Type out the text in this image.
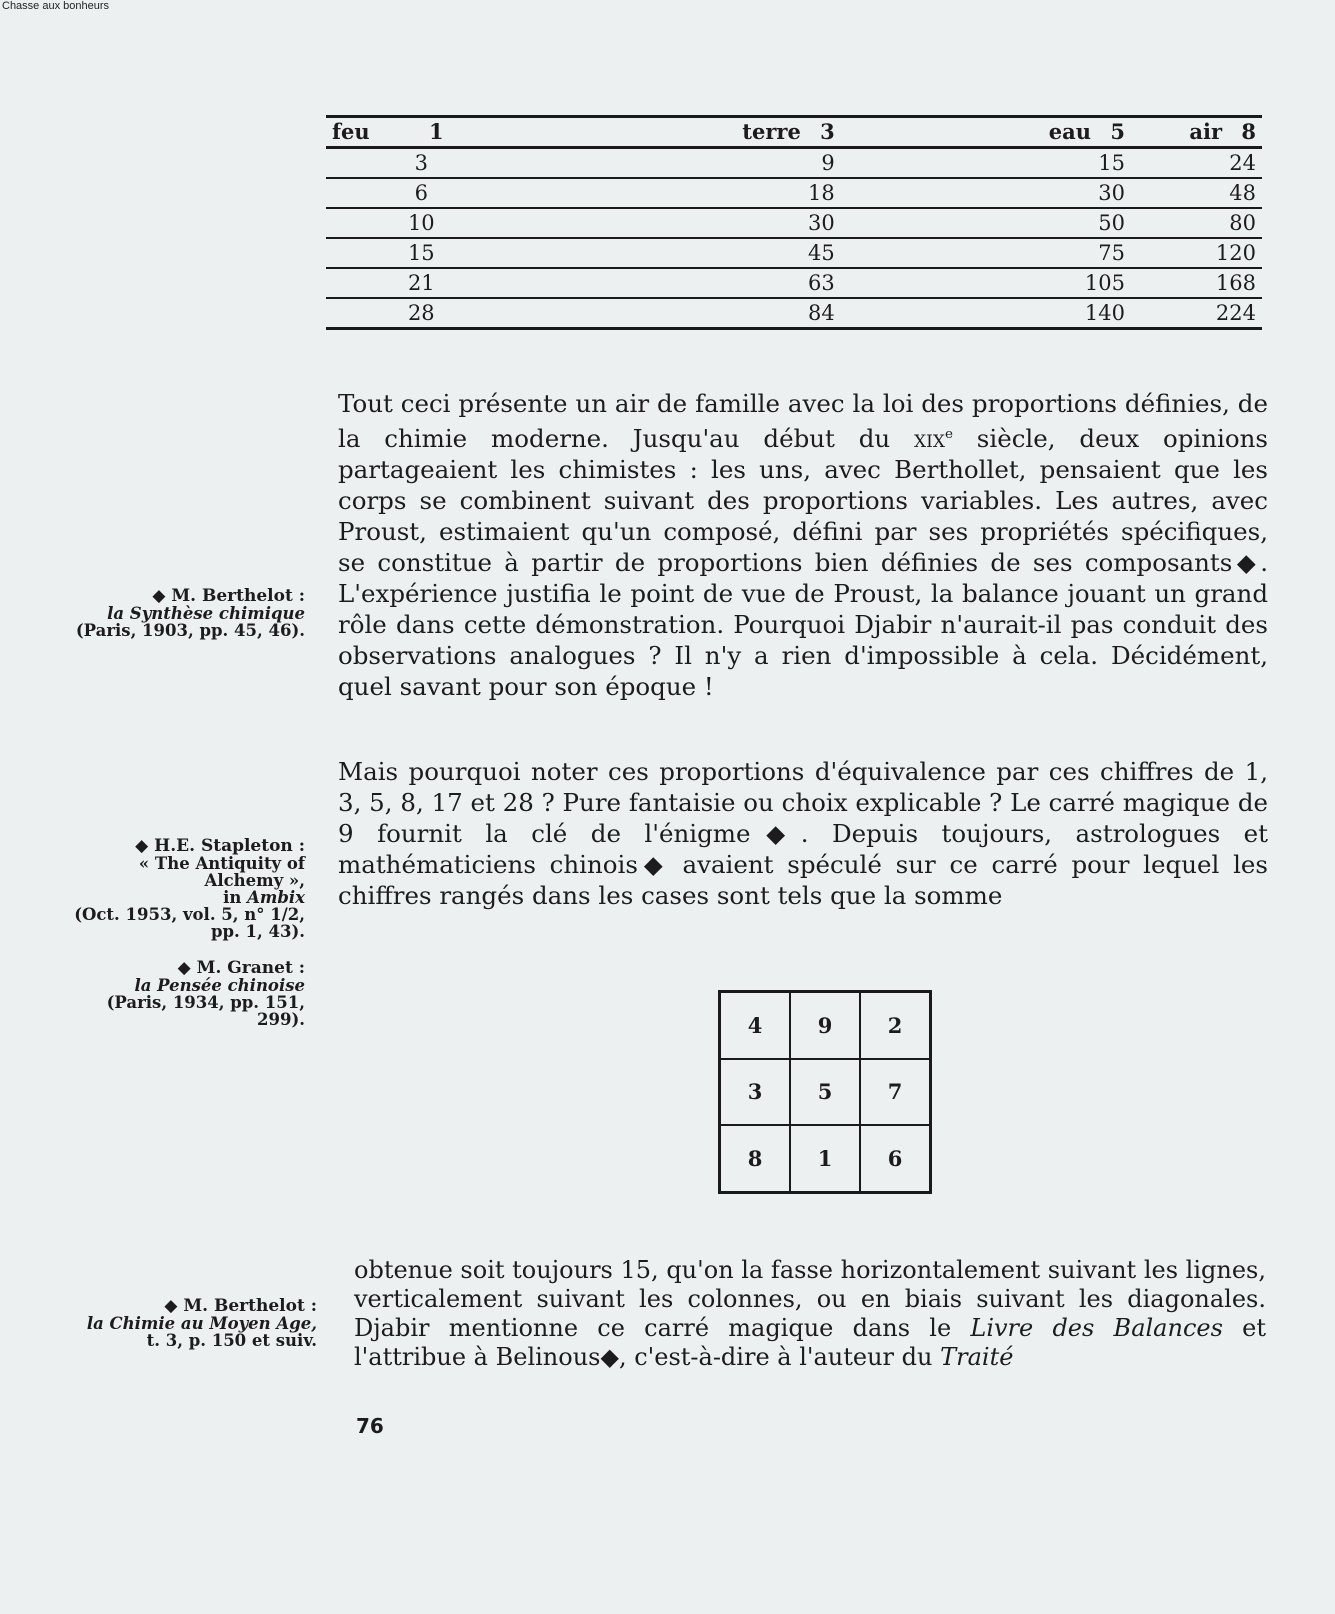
Chasse aux bonheurs
feu	1	terre 3	eau 5	air 8
3	9	15	24
6	18	30	48
10	30	50	80
15	45	75	120
21	63	105	168
28	84	140	224

Tout ceci présente un air de famille avec la loi des proportions définies, de la chimie moderne. Jusqu'au début du xix$^e$ siècle, deux opinions partageaient les chimistes : les uns, avec Berthollet, pensaient que les corps se combinent suivant des proportions variables. Les autres, avec Proust, estimaient qu'un composé, défini par ses propriétés spécifiques, se constitue à partir de proportions bien définies de ses composants◆. L'expérience justifia le point de vue de Proust, la balance jouant un grand rôle dans cette démonstration. Pourquoi Djabir n'aurait-il pas conduit des observations analogues ? Il n'y a rien d'impossible à cela. Décidément, quel savant pour son époque !

Mais pourquoi noter ces proportions d'équivalence par ces chiffres de 1, 3, 5, 8, 17 et 28 ? Pure fantaisie ou choix explicable ? Le carré magique de 9 fournit la clé de l'énigme◆. Depuis toujours, astrologues et mathématiciens chinois◆ avaient spéculé sur ce carré pour lequel les chiffres rangés dans les cases sont tels que la somme

4	9	2
3	5	7
8	1	6

obtenue soit toujours 15, qu'on la fasse horizontalement suivant les lignes, verticalement suivant les colonnes, ou en biais suivant les diagonales. Djabir mentionne ce carré magique dans le Livre des Balances et l'attribue à Belinous◆, c'est-à-dire à l'auteur du Traité

◆ M. Berthelot :
la Synthèse chimique
(Paris, 1903, pp. 45, 46).
◆ H.E. Stapleton :
« The Antiquity of Alchemy »,
in Ambix
(Oct. 1953, vol. 5, n° 1/2, pp. 1, 43).
◆ M. Granet :
la Pensée chinoise
(Paris, 1934, pp. 151, 299).
◆ M. Berthelot :
la Chimie au Moyen Age,
t. 3, p. 150 et suiv.
76
